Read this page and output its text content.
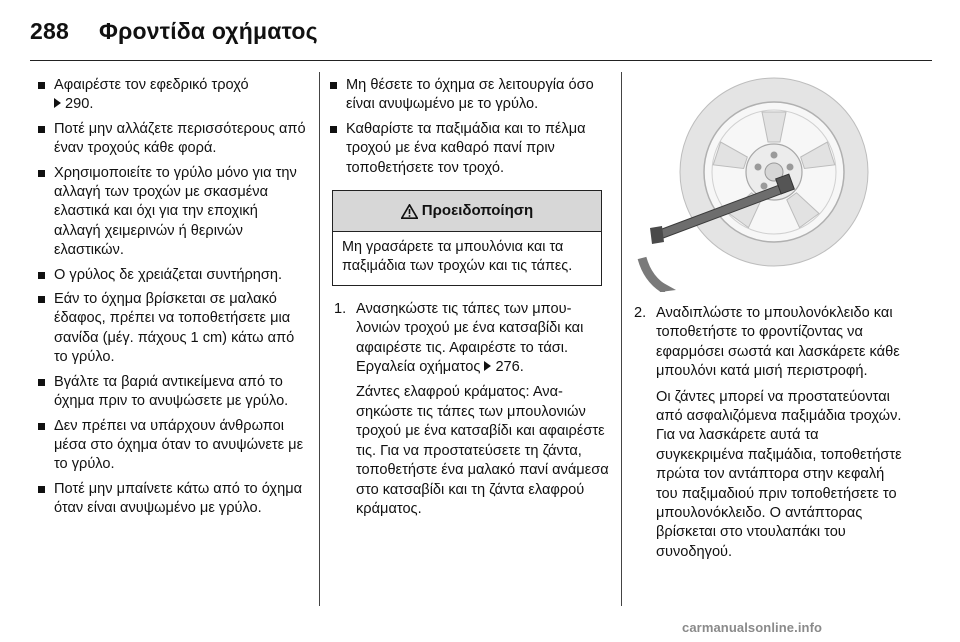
288 Φροντίδα οχήματος
Αφαιρέστε τον εφεδρικό τροχό
290.
Ποτέ μην αλλάζετε περισσότερους από έναν τροχούς κάθε φορά.
Χρησιμοποιείτε το γρύλο μόνο για την αλλαγή των τροχών με σκασμένα ελαστικά και όχι για την εποχική αλλαγή χειμερινών ή θερινών ελαστικών.
Ο γρύλος δε χρειάζεται συντήρηση.
Εάν το όχημα βρίσκεται σε μαλακό έδαφος, πρέπει να τοποθετήσετε μια σανίδα (μέγ. πάχους 1 cm) κάτω από το γρύλο.
Βγάλτε τα βαριά αντικείμενα από το όχημα πριν το ανυψώσετε με γρύλο.
Δεν πρέπει να υπάρχουν άνθρωποι μέσα στο όχημα όταν το ανυψώνετε με το γρύλο.
Ποτέ μην μπαίνετε κάτω από το όχημα όταν είναι ανυψωμένο με γρύλο.
Μη θέσετε το όχημα σε λειτουργία όσο είναι ανυψωμένο με το γρύλο.
Καθαρίστε τα παξιμάδια και το πέλμα τροχού με ένα καθαρό πανί πριν τοποθετήσετε τον τροχό.
Προειδοποίηση
Μη γρασάρετε τα μπουλόνια και τα παξιμάδια των τροχών και τις τάπες.
1. Ανασηκώστε τις τάπες των μπουλονιών τροχού με ένα κατσαβίδι και αφαιρέστε τις. Αφαιρέστε το τάσι. Εργαλεία οχήματος 276.

Ζάντες ελαφρού κράματος: Ανασηκώστε τις τάπες των μπουλονιών τροχού με ένα κατσαβίδι και αφαιρέστε τις. Για να προστατεύσετε τη ζάντα, τοποθετήστε ένα μαλακό πανί ανάμεσα στο κατσαβίδι και τη ζάντα ελαφρού κράματος.

2. Αναδιπλώστε το μπουλονόκλειδο και τοποθετήστε το φροντίζοντας να εφαρμόσει σωστά και λασκάρετε κάθε μπουλόνι κατά μισή περιστροφή.

Οι ζάντες μπορεί να προστατεύονται από ασφαλιζόμενα παξιμάδια τροχών. Για να λασκάρετε αυτά τα συγκεκριμένα παξιμάδια, τοποθετήστε πρώτα τον αντάπτορα στην κεφαλή του παξιμαδιού πριν τοποθετήσετε το μπουλονόκλειδο. Ο αντάπτορας βρίσκεται στο ντουλαπάκι του συνοδηγού.

carmanualsonline.info
